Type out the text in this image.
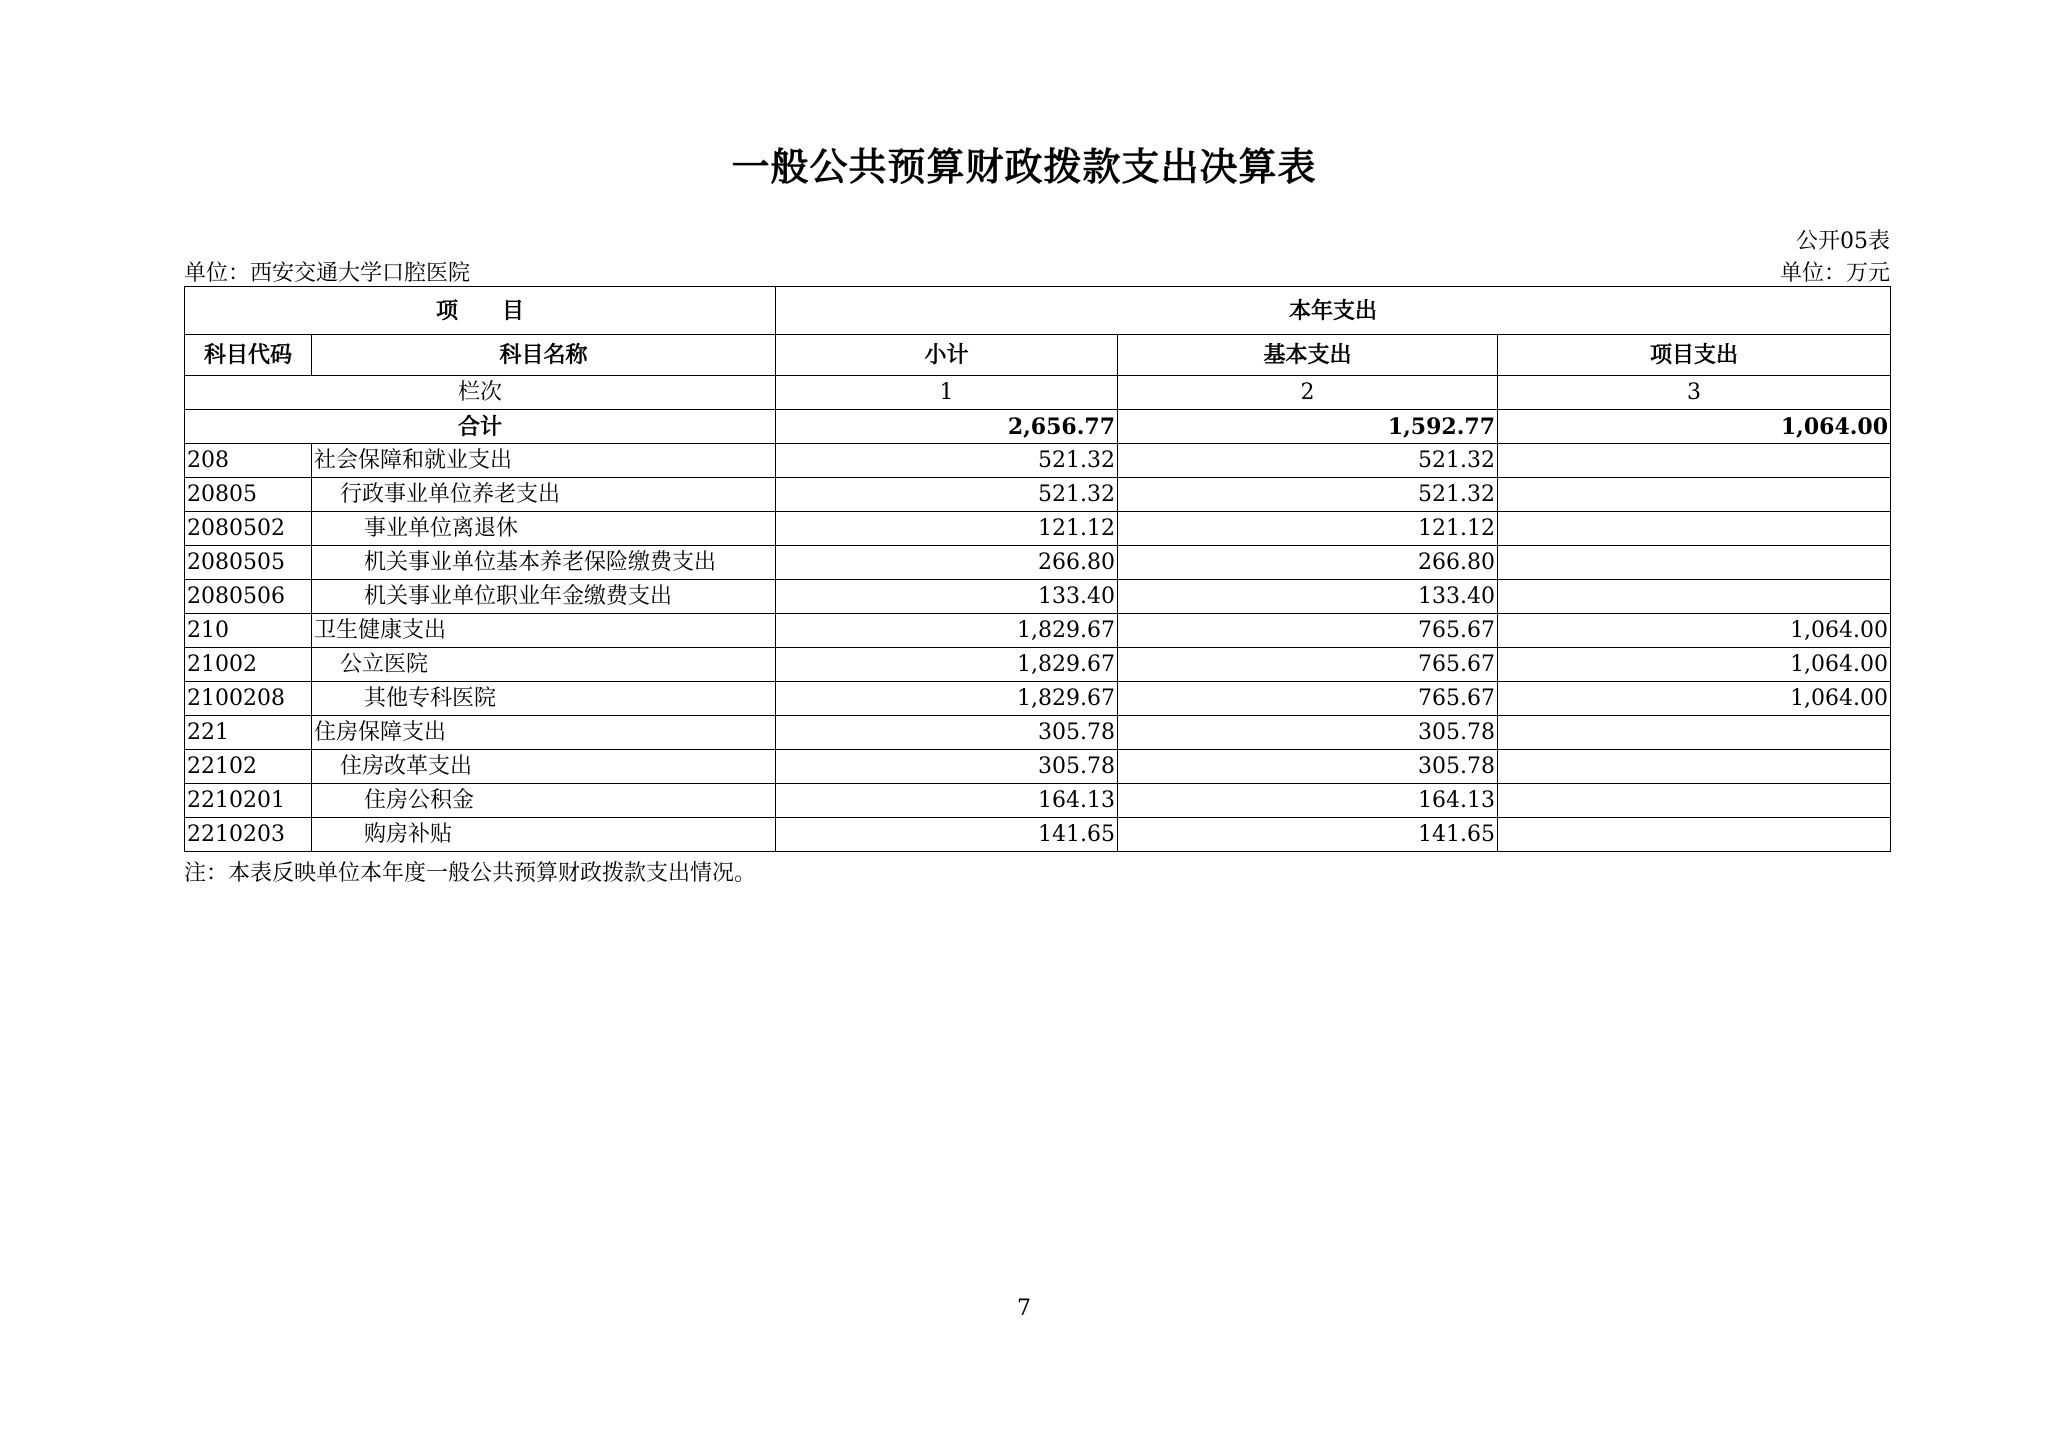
一般公共预算财政拨款支出决算表
公开05表
单位：西安交通大学口腔医院	单位：万元
项　　目		本年支出		
科目代码	科目名称	小计	基本支出	项目支出
栏次		1	2	3
合计		2,656.77	1,592.77	1,064.00
208	社会保障和就业支出	521.32	521.32	
20805	行政事业单位养老支出	521.32	521.32	
2080502	事业单位离退休	121.12	121.12	
2080505	机关事业单位基本养老保险缴费支出	266.80	266.80	
2080506	机关事业单位职业年金缴费支出	133.40	133.40	
210	卫生健康支出	1,829.67	765.67	1,064.00
21002	公立医院	1,829.67	765.67	1,064.00
2100208	其他专科医院	1,829.67	765.67	1,064.00
221	住房保障支出	305.78	305.78	
22102	住房改革支出	305.78	305.78	
2210201	住房公积金	164.13	164.13	
2210203	购房补贴	141.65	141.65	
注：本表反映单位本年度一般公共预算财政拨款支出情况。
7
